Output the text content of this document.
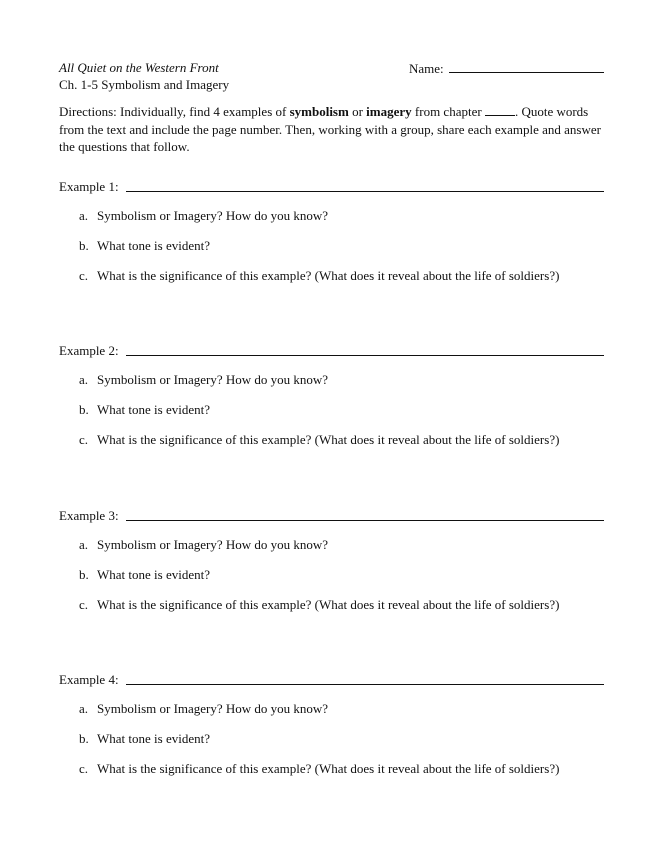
All Quiet on the Western Front
Ch. 1-5 Symbolism and Imagery
Name:
Directions: Individually, find 4 examples of symbolism or imagery from chapter . Quote words from the text and include the page number. Then, working with a group, share each example and answer the questions that follow.
Example 1:
a. Symbolism or Imagery? How do you know?
b. What tone is evident?
c. What is the significance of this example? (What does it reveal about the life of soldiers?)
Example 2:
a. Symbolism or Imagery? How do you know?
b. What tone is evident?
c. What is the significance of this example? (What does it reveal about the life of soldiers?)
Example 3:
a. Symbolism or Imagery? How do you know?
b. What tone is evident?
c. What is the significance of this example? (What does it reveal about the life of soldiers?)
Example 4:
a. Symbolism or Imagery? How do you know?
b. What tone is evident?
c. What is the significance of this example? (What does it reveal about the life of soldiers?)
